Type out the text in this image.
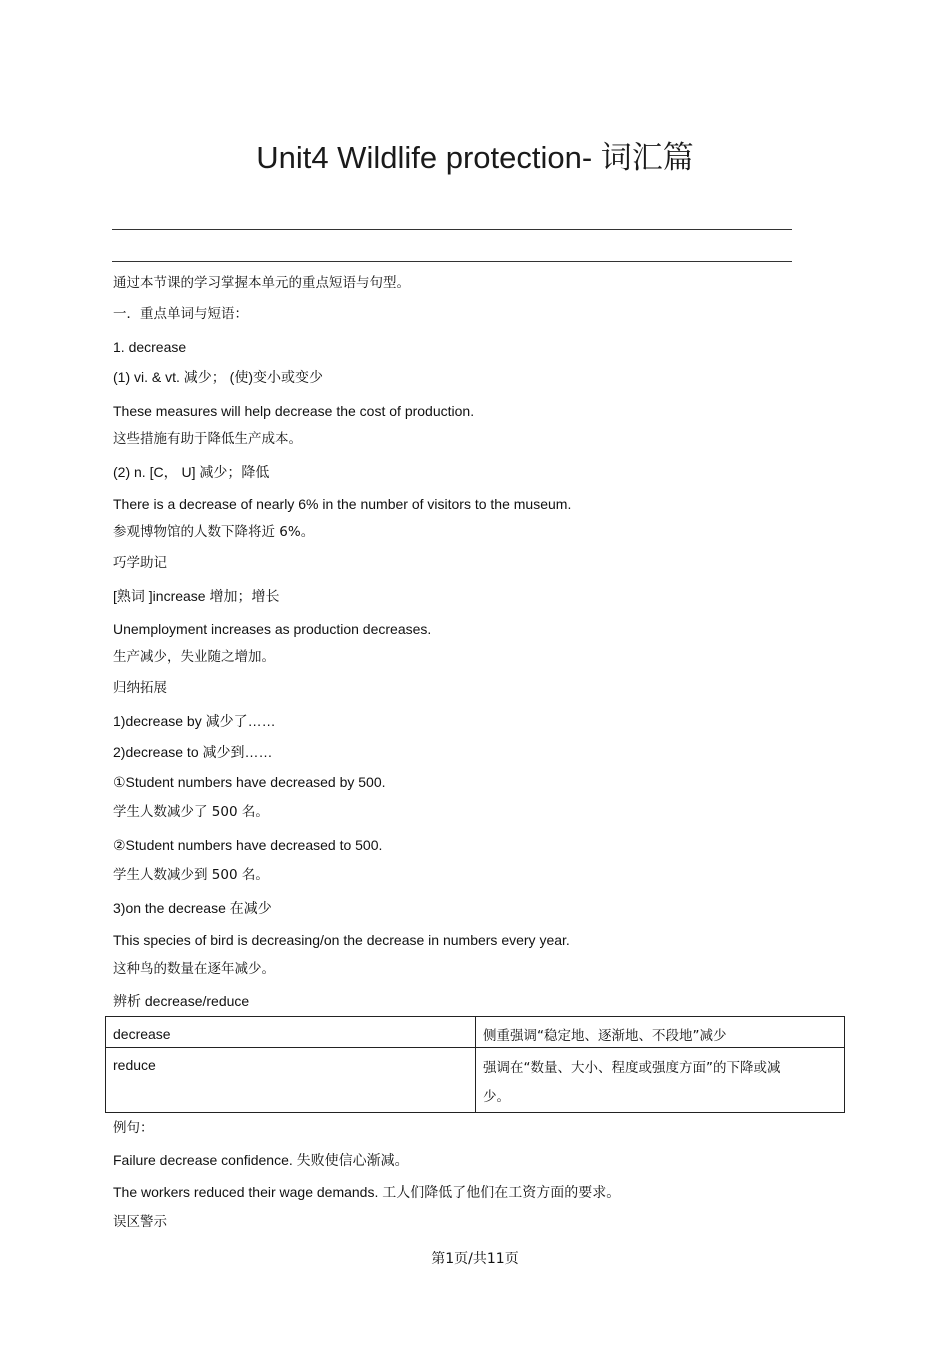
Unit4 Wildlife protection- 词汇篇
通过本节课的学习掌握本单元的重点短语与句型。
一．重点单词与短语：
1. decrease
(1) vi. & vt. 减少； (使)变小或变少
These measures will help decrease the cost of production.
这些措施有助于降低生产成本。
(2) n. [C， U] 减少；降低
There is a decrease of nearly 6% in the number of visitors to the museum.
参观博物馆的人数下降将近 6%。
巧学助记
[熟词 ]increase 增加；增长
Unemployment increases as production decreases.
生产减少，失业随之增加。
归纳拓展
1)decrease by 减少了……
2)decrease to 减少到……
①Student numbers have decreased by 500.
学生人数减少了 500 名。
②Student numbers have decreased to 500.
学生人数减少到 500 名。
3)on the decrease 在减少
This species of bird is decreasing/on the decrease in numbers every year.
这种鸟的数量在逐年减少。
辨析 decrease/reduce
decrease	侧重强调“稳定地、逐渐地、不段地”减少
reduce	强调在“数量、大小、程度或强度方面”的下降或减少。
例句：
Failure decrease confidence. 失败使信心渐减。
The workers reduced their wage demands. 工人们降低了他们在工资方面的要求。
误区警示
第1页/共11页
